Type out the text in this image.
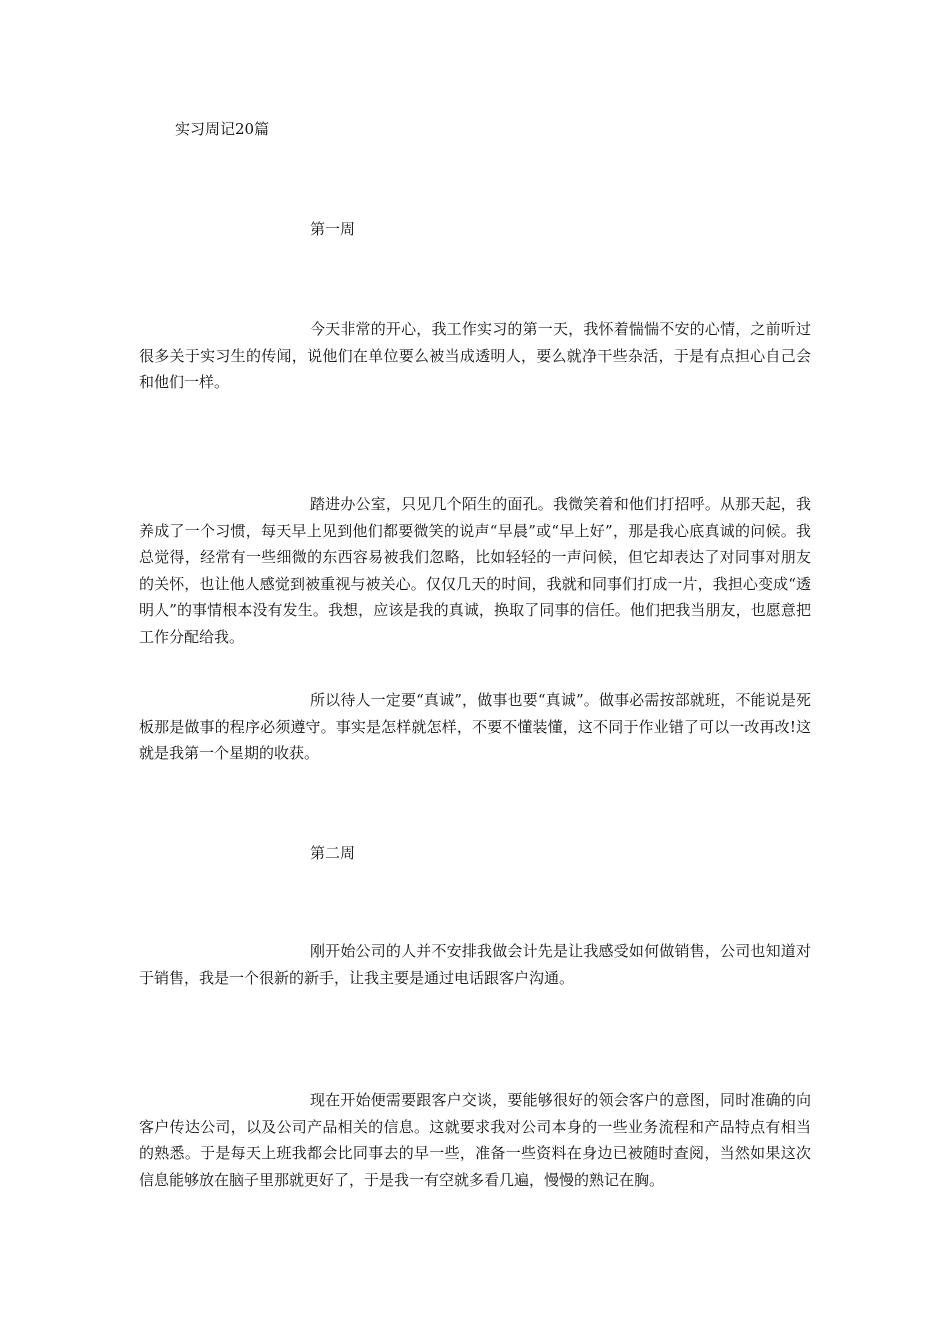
实习周记20篇
第一周

今天非常的开心，我工作实习的第一天，我怀着惴惴不安的心情，之前听过很多关于实习生的传闻，说他们在单位要么被当成透明人，要么就净干些杂活，于是有点担心自己会和他们一样。

踏进办公室，只见几个陌生的面孔。我微笑着和他们打招呼。从那天起，我养成了一个习惯，每天早上见到他们都要微笑的说声“早晨”或“早上好”，那是我心底真诚的问候。我总觉得，经常有一些细微的东西容易被我们忽略，比如轻轻的一声问候，但它却表达了对同事对朋友的关怀，也让他人感觉到被重视与被关心。仅仅几天的时间，我就和同事们打成一片，我担心变成“透明人”的事情根本没有发生。我想，应该是我的真诚，换取了同事的信任。他们把我当朋友，也愿意把工作分配给我。

所以待人一定要“真诚”，做事也要“真诚”。做事必需按部就班，不能说是死板那是做事的程序必须遵守。事实是怎样就怎样，不要不懂装懂，这不同于作业错了可以一改再改!这就是我第一个星期的收获。

第二周

刚开始公司的人并不安排我做会计先是让我感受如何做销售，公司也知道对于销售，我是一个很新的新手，让我主要是通过电话跟客户沟通。

现在开始便需要跟客户交谈，要能够很好的领会客户的意图，同时准确的向客户传达公司，以及公司产品相关的信息。这就要求我对公司本身的一些业务流程和产品特点有相当的熟悉。于是每天上班我都会比同事去的早一些，准备一些资料在身边已被随时查阅，当然如果这次信息能够放在脑子里那就更好了，于是我一有空就多看几遍，慢慢的熟记在胸。
